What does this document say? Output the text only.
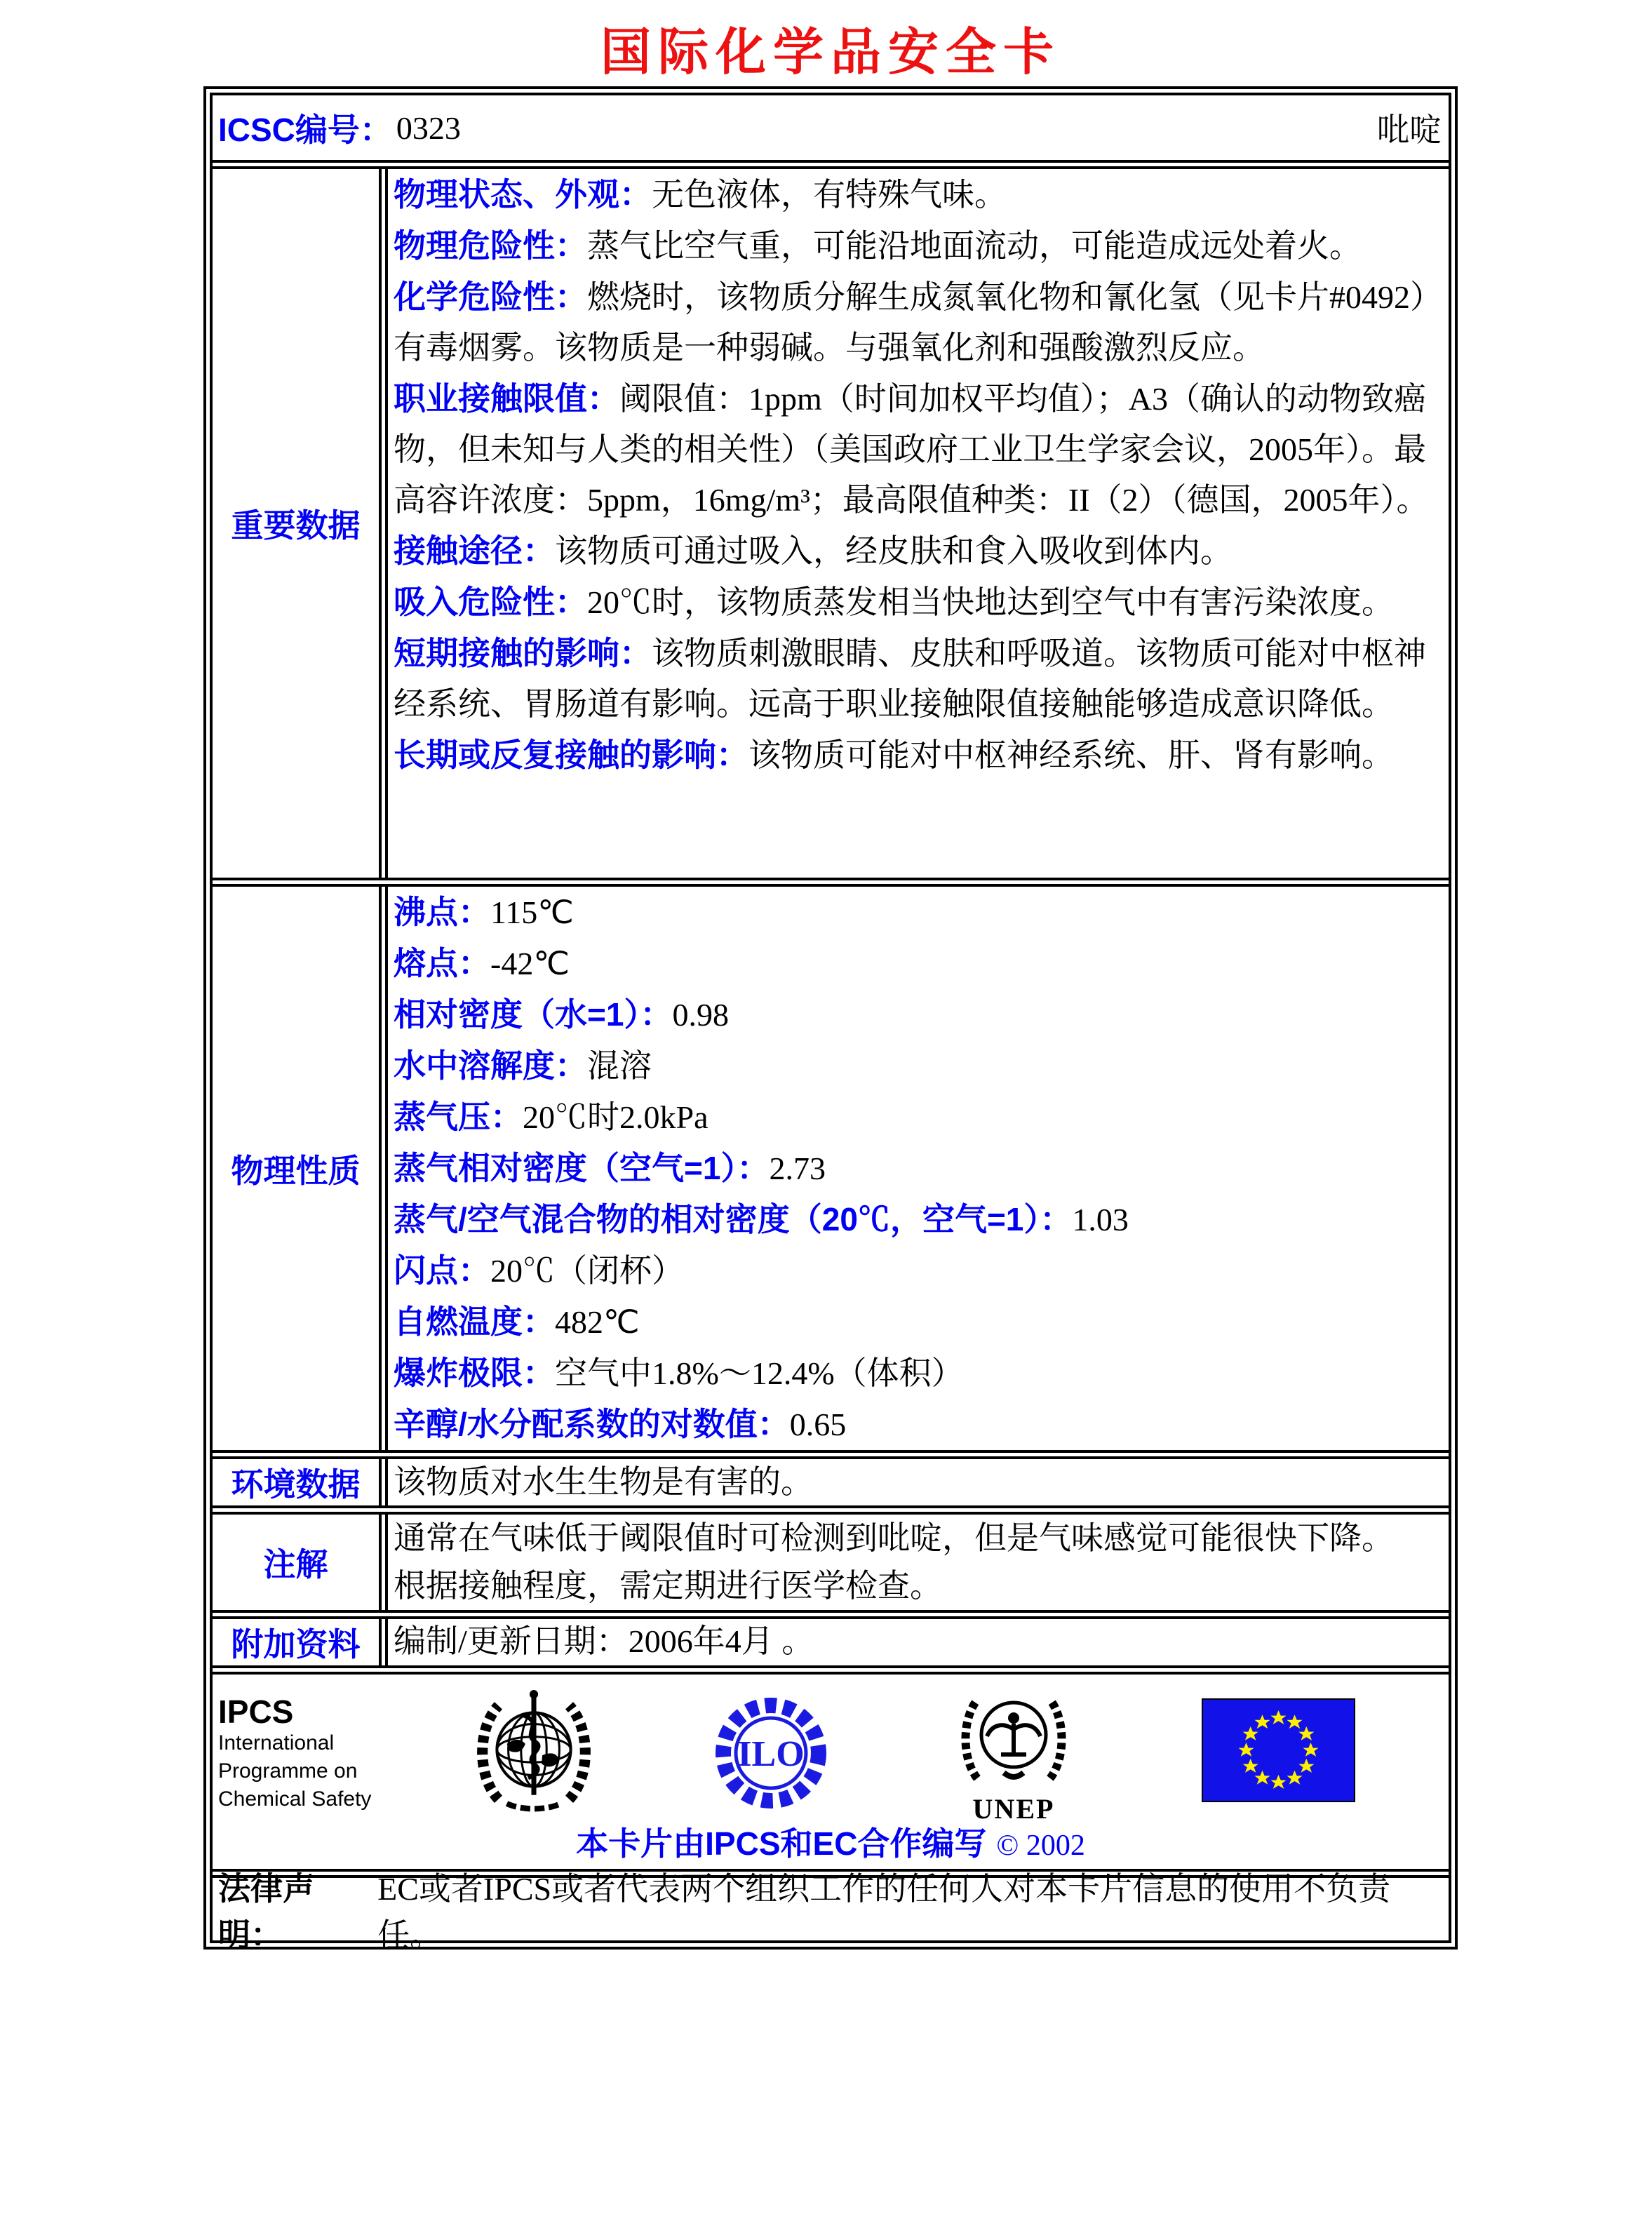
国际化学品安全卡
ICSC编号： 0323	吡啶
重要数据
物理状态、外观：无色液体，有特殊气味。
物理危险性：蒸气比空气重，可能沿地面流动，可能造成远处着火。
化学危险性：燃烧时，该物质分解生成氮氧化物和氰化氢（见卡片#0492）有毒烟雾。该物质是一种弱碱。与强氧化剂和强酸激烈反应。
职业接触限值：阈限值：1ppm（时间加权平均值）；A3（确认的动物致癌物，但未知与人类的相关性）（美国政府工业卫生学家会议，2005年）。最高容许浓度：5ppm，16mg/m³；最高限值种类：II（2）（德国，2005年）。
接触途径：该物质可通过吸入，经皮肤和食入吸收到体内。
吸入危险性：20℃时，该物质蒸发相当快地达到空气中有害污染浓度。
短期接触的影响：该物质刺激眼睛、皮肤和呼吸道。该物质可能对中枢神经系统、胃肠道有影响。远高于职业接触限值接触能够造成意识降低。
长期或反复接触的影响：该物质可能对中枢神经系统、肝、肾有影响。
物理性质
沸点：115℃
熔点：-42℃
相对密度（水=1）：0.98
水中溶解度：混溶
蒸气压：20℃时2.0kPa
蒸气相对密度（空气=1）：2.73
蒸气/空气混合物的相对密度（20℃，空气=1）：1.03
闪点：20℃（闭杯）
自燃温度：482℃
爆炸极限：空气中1.8%～12.4%（体积）
辛醇/水分配系数的对数值：0.65
环境数据 该物质对水生生物是有害的。
注解
通常在气味低于阈限值时可检测到吡啶，但是气味感觉可能很快下降。
根据接触程度，需定期进行医学检查。
附加资料 编制/更新日期：2006年4月 。
IPCS
International
Programme on
Chemical Safety
ILO
UNEP
本卡片由IPCS和EC合作编写 © 2002
法律声明：
EC或者IPCS或者代表两个组织工作的任何人对本卡片信息的使用不负责任。
